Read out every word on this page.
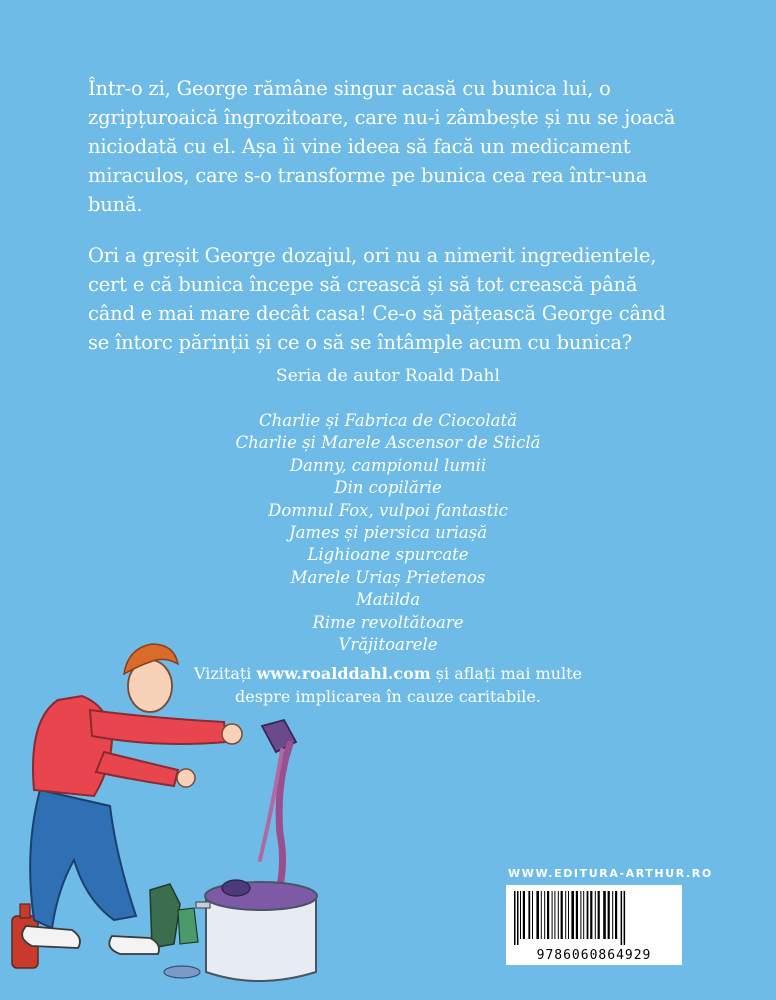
Într-o zi, George rămâne singur acasă cu bunica lui, o zgripțuroaică îngrozitoare, care nu-i zâmbește și nu se joacă niciodată cu el. Așa îi vine ideea să facă un medicament miraculos, care s-o transforme pe bunica cea rea într-una bună.

Ori a greșit George dozajul, ori nu a nimerit ingredientele, cert e că bunica începe să crească și să tot crească până când e mai mare decât casa! Ce-o să pățească George când se întorc părinții și ce o să se întâmple acum cu bunica?

Seria de autor Roald Dahl
Charlie și Fabrica de Ciocolată
Charlie și Marele Ascensor de Sticlă
Danny, campionul lumii
Din copilărie
Domnul Fox, vulpoi fantastic
James și piersica uriașă
Lighioane spurcate
Marele Uriaș Prietenos
Matilda
Rime revoltătoare
Vrăjitoarele
Vizitați www.roalddahl.com și aflați mai multe
despre implicarea în cauze caritabile.
WWW.EDITURA-ARTHUR.RO
9786060864929
